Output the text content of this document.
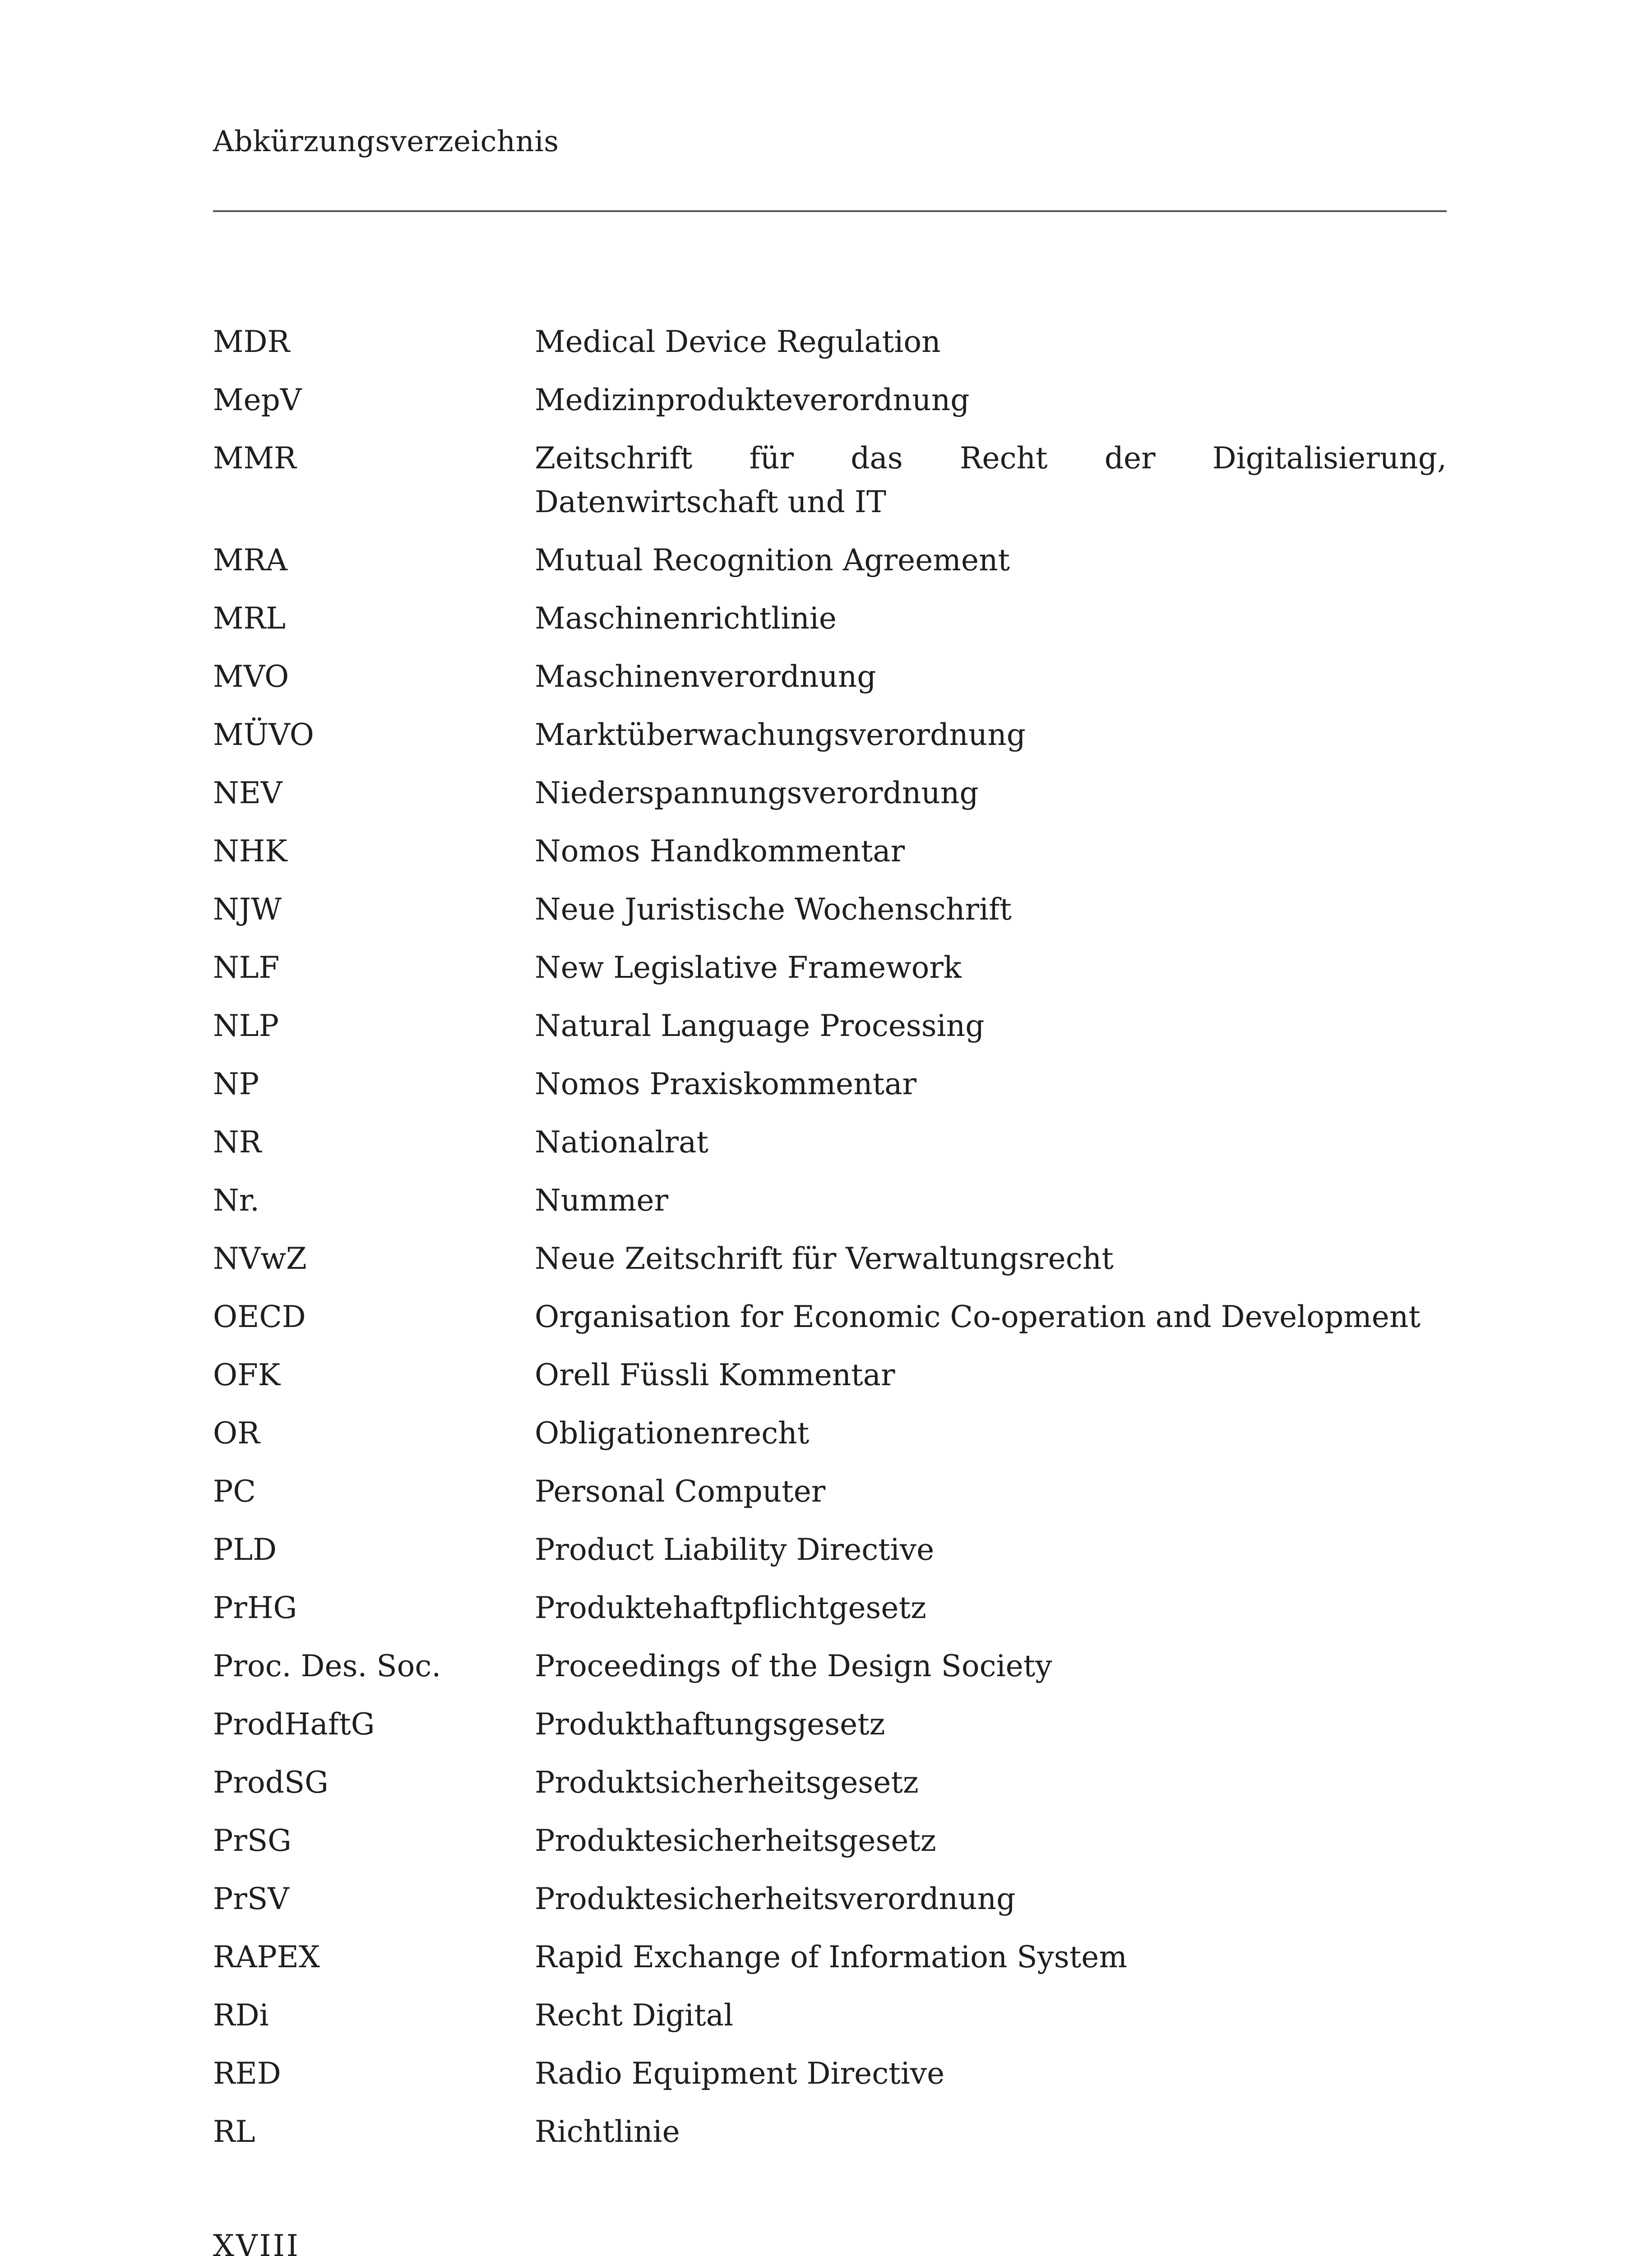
Abkürzungsverzeichnis
MDR	Medical Device Regulation
MepV	Medizinprodukteverordnung
MMR	Zeitschrift für das Recht der Digitalisierung, Datenwirtschaft und IT
MRA	Mutual Recognition Agreement
MRL	Maschinenrichtlinie
MVO	Maschinenverordnung
MÜVO	Marktüberwachungsverordnung
NEV	Niederspannungsverordnung
NHK	Nomos Handkommentar
NJW	Neue Juristische Wochenschrift
NLF	New Legislative Framework
NLP	Natural Language Processing
NP	Nomos Praxiskommentar
NR	Nationalrat
Nr.	Nummer
NVwZ	Neue Zeitschrift für Verwaltungsrecht
OECD	Organisation for Economic Co-operation and Development
OFK	Orell Füssli Kommentar
OR	Obligationenrecht
PC	Personal Computer
PLD	Product Liability Directive
PrHG	Produktehaftpflichtgesetz
Proc. Des. Soc.	Proceedings of the Design Society
ProdHaftG	Produkthaftungsgesetz
ProdSG	Produktsicherheitsgesetz
PrSG	Produktesicherheitsgesetz
PrSV	Produktesicherheitsverordnung
RAPEX	Rapid Exchange of Information System
RDi	Recht Digital
RED	Radio Equipment Directive
RL	Richtlinie
XVIII
